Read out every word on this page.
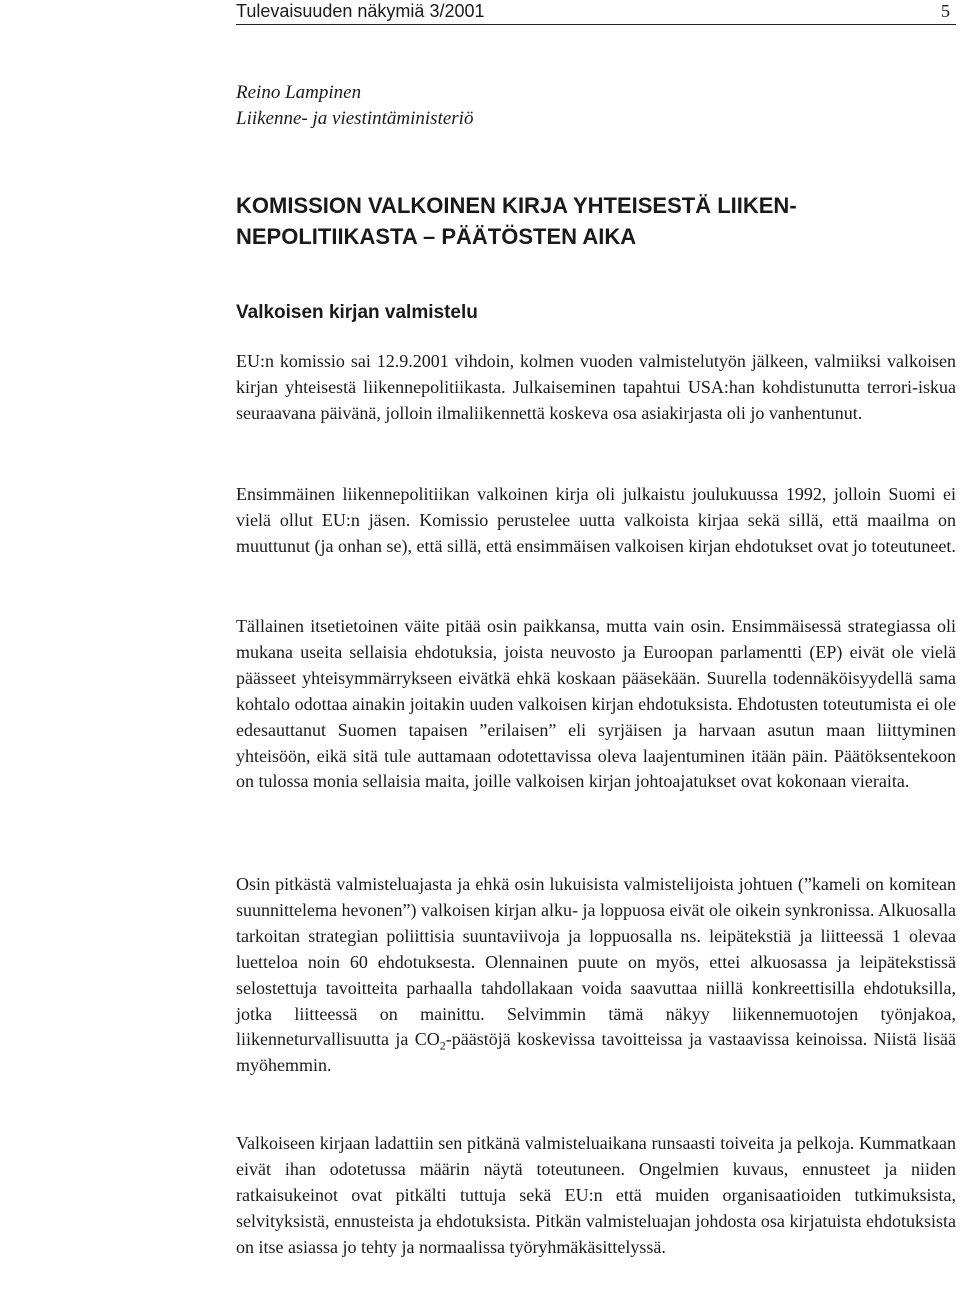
Tulevaisuuden näkymiä 3/2001	5
Reino Lampinen
Liikenne- ja viestintäministeriö
KOMISSION VALKOINEN KIRJA YHTEISESTÄ LIIKEN-
NEPOLITIIKASTA – PÄÄTÖSTEN AIKA
Valkoisen kirjan valmistelu

EU:n komissio sai 12.9.2001 vihdoin, kolmen vuoden valmistelutyön jälkeen, valmiiksi valkoisen kirjan yhteisestä liikennepolitiikasta. Julkaiseminen tapahtui USA:han kohdistunutta terrori-iskua seuraavana päivänä, jolloin ilmaliikennettä koskeva osa asiakirjasta oli jo vanhentunut.

Ensimmäinen liikennepolitiikan valkoinen kirja oli julkaistu joulukuussa 1992, jolloin Suomi ei vielä ollut EU:n jäsen. Komissio perustelee uutta valkoista kirjaa sekä sillä, että maailma on muuttunut (ja onhan se), että sillä, että ensimmäisen valkoisen kirjan ehdotukset ovat jo toteutuneet.

Tällainen itsetietoinen väite pitää osin paikkansa, mutta vain osin. Ensimmäisessä strategiassa oli mukana useita sellaisia ehdotuksia, joista neuvosto ja Euroopan parlamentti (EP) eivät ole vielä päässeet yhteisymmärrykseen eivätkä ehkä koskaan pääsekään. Suurella todennäköisyydellä sama kohtalo odottaa ainakin joitakin uuden valkoisen kirjan ehdotuksista. Ehdotusten toteutumista ei ole edesauttanut Suomen tapaisen ”erilaisen” eli syrjäisen ja harvaan asutun maan liittyminen yhteisöön, eikä sitä tule auttamaan odotettavissa oleva laajentuminen itään päin. Päätöksentekoon on tulossa monia sellaisia maita, joille valkoisen kirjan johtoajatukset ovat kokonaan vieraita.

Osin pitkästä valmisteluajasta ja ehkä osin lukuisista valmistelijoista johtuen (”kameli on komitean suunnittelema hevonen”) valkoisen kirjan alku- ja loppuosa eivät ole oikein synkronissa. Alkuosalla tarkoitan strategian poliittisia suuntaviivoja ja loppuosalla ns. leipätekstiä ja liitteessä 1 olevaa luetteloa noin 60 ehdotuksesta. Olennainen puute on myös, ettei alkuosassa ja leipätekstissä selostettuja tavoitteita parhaalla tahdollakaan voida saavuttaa niillä konkreettisilla ehdotuksilla, jotka liitteessä on mainittu. Selvimmin tämä näkyy liikennemuotojen työnjakoa, liikenneturvallisuutta ja $CO_2$-päästöjä koskevissa tavoitteissa ja vastaavissa keinoissa. Niistä lisää myöhemmin.

Valkoiseen kirjaan ladattiin sen pitkänä valmisteluaikana runsaasti toiveita ja pelkoja. Kummatkaan eivät ihan odotetussa määrin näytä toteutuneen. Ongelmien kuvaus, ennusteet ja niiden ratkaisukeinot ovat pitkälti tuttuja sekä EU:n että muiden organisaatioiden tutkimuksista, selvityksistä, ennusteista ja ehdotuksista. Pitkän valmisteluajan johdosta osa kirjatuista ehdotuksista on itse asiassa jo tehty ja normaalissa työryhmäkäsittelyssä.
